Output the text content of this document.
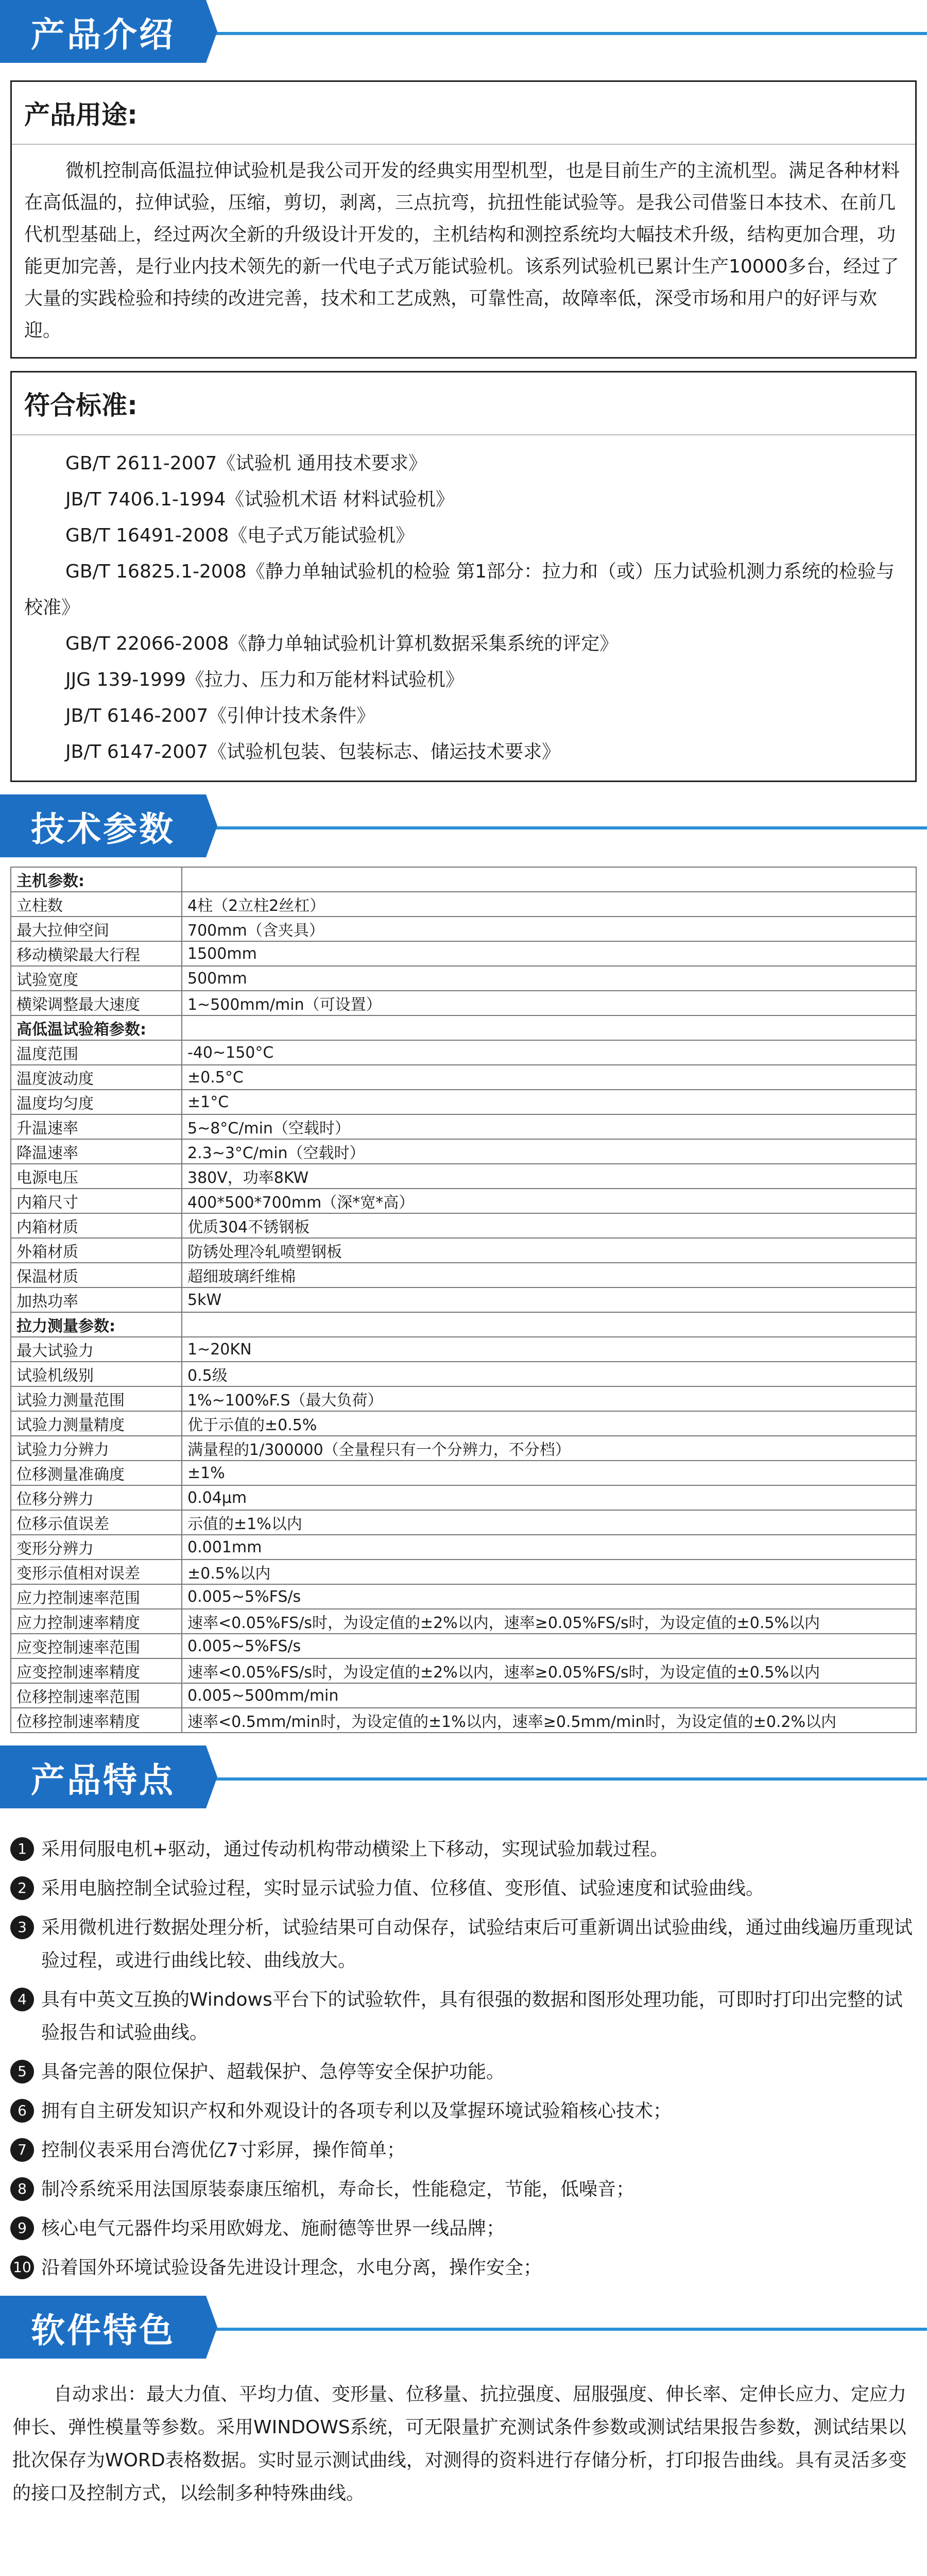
产品介绍
产品用途:

微机控制高低温拉伸试验机是我公司开发的经典实用型机型，也是目前生产的主流机型。满足各种材料在高低温的，拉伸试验，压缩，剪切，剥离，三点抗弯，抗扭性能试验等。是我公司借鉴日本技术、在前几代机型基础上，经过两次全新的升级设计开发的，主机结构和测控系统均大幅技术升级，结构更加合理，功能更加完善，是行业内技术领先的新一代电子式万能试验机。该系列试验机已累计生产10000多台，经过了大量的实践检验和持续的改进完善，技术和工艺成熟，可靠性高，故障率低，深受市场和用户的好评与欢迎。

符合标准:

GB/T 2611-2007《试验机 通用技术要求》

JB/T 7406.1-1994《试验机术语 材料试验机》

GB/T 16491-2008《电子式万能试验机》

GB/T 16825.1-2008《静力单轴试验机的检验 第1部分：拉力和（或）压力试验机测力系统的检验与校准》

GB/T 22066-2008《静力单轴试验机计算机数据采集系统的评定》

JJG 139-1999《拉力、压力和万能材料试验机》

JB/T 6146-2007《引伸计技术条件》

JB/T 6147-2007《试验机包装、包装标志、储运技术要求》

技术参数
主机参数:	
立柱数	4柱（2立柱2丝杠）
最大拉伸空间	700mm（含夹具）
移动横梁最大行程	1500mm
试验宽度	500mm
横梁调整最大速度	1~500mm/min（可设置）
高低温试验箱参数:	
温度范围	-40~150°C
温度波动度	±0.5°C
温度均匀度	±1°C
升温速率	5~8°C/min（空载时）
降温速率	2.3~3°C/min（空载时）
电源电压	380V，功率8KW
内箱尺寸	400*500*700mm（深*宽*高）
内箱材质	优质304不锈钢板
外箱材质	防锈处理冷轧喷塑钢板
保温材质	超细玻璃纤维棉
加热功率	5kW
拉力测量参数:	
最大试验力	1~20KN
试验机级别	0.5级
试验力测量范围	1%~100%F.S（最大负荷）
试验力测量精度	优于示值的±0.5%
试验力分辨力	满量程的1/300000（全量程只有一个分辨力，不分档）
位移测量准确度	±1%
位移分辨力	0.04μm
位移示值误差	示值的±1%以内
变形分辨力	0.001mm
变形示值相对误差	±0.5%以内
应力控制速率范围	0.005~5%FS/s
应力控制速率精度	速率<0.05%FS/s时，为设定值的±2%以内，速率≥0.05%FS/s时，为设定值的±0.5%以内
应变控制速率范围	0.005~5%FS/s
应变控制速率精度	速率<0.05%FS/s时，为设定值的±2%以内，速率≥0.05%FS/s时，为设定值的±0.5%以内
位移控制速率范围	0.005~500mm/min
位移控制速率精度	速率<0.5mm/min时，为设定值的±1%以内，速率≥0.5mm/min时，为设定值的±0.2%以内
产品特点
1 采用伺服电机+驱动，通过传动机构带动横梁上下移动，实现试验加载过程。
2 采用电脑控制全试验过程，实时显示试验力值、位移值、变形值、试验速度和试验曲线。
3 采用微机进行数据处理分析，试验结果可自动保存，试验结束后可重新调出试验曲线，通过曲线遍历重现试验过程，或进行曲线比较、曲线放大。
4 具有中英文互换的Windows平台下的试验软件，具有很强的数据和图形处理功能，可即时打印出完整的试验报告和试验曲线。
5 具备完善的限位保护、超载保护、急停等安全保护功能。
6 拥有自主研发知识产权和外观设计的各项专利以及掌握环境试验箱核心技术；
7 控制仪表采用台湾优亿7寸彩屏，操作简单；
8 制冷系统采用法国原装泰康压缩机，寿命长，性能稳定，节能，低噪音；
9 核心电气元器件均采用欧姆龙、施耐德等世界一线品牌；
10 沿着国外环境试验设备先进设计理念，水电分离，操作安全；
软件特色

自动求出：最大力值、平均力值、变形量、位移量、抗拉强度、屈服强度、伸长率、定伸长应力、定应力伸长、弹性模量等参数。采用WINDOWS系统，可无限量扩充测试条件参数或测试结果报告参数，测试结果以批次保存为WORD表格数据。实时显示测试曲线，对测得的资料进行存储分析，打印报告曲线。具有灵活多变的接口及控制方式，以绘制多种特殊曲线。
